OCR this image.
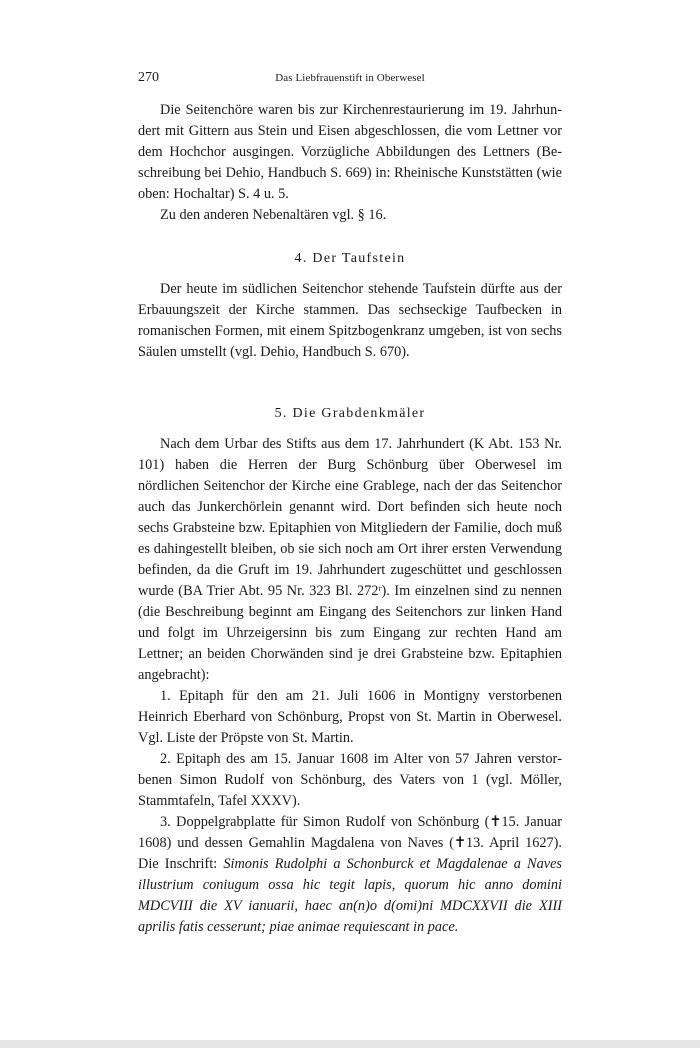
270	Das Liebfrauenstift in Oberwesel

Die Seitenchöre waren bis zur Kirchenrestaurierung im 19. Jahrhundert mit Gittern aus Stein und Eisen abgeschlossen, die vom Lettner vor dem Hochchor ausgingen. Vorzügliche Abbildungen des Lettners (Beschreibung bei Dehio, Handbuch S. 669) in: Rheinische Kunststätten (wie oben: Hochaltar) S. 4 u. 5.

Zu den anderen Nebenaltären vgl. § 16.

4. Der Taufstein

Der heute im südlichen Seitenchor stehende Taufstein dürfte aus der Erbauungszeit der Kirche stammen. Das sechseckige Taufbecken in romanischen Formen, mit einem Spitzbogenkranz umgeben, ist von sechs Säulen umstellt (vgl. Dehio, Handbuch S. 670).

5. Die Grabdenkmäler

Nach dem Urbar des Stifts aus dem 17. Jahrhundert (K Abt. 153 Nr. 101) haben die Herren der Burg Schönburg über Oberwesel im nördlichen Seitenchor der Kirche eine Grablege, nach der das Seitenchor auch das Junkerchörlein genannt wird. Dort befinden sich heute noch sechs Grabsteine bzw. Epitaphien von Mitgliedern der Familie, doch muß es dahingestellt bleiben, ob sie sich noch am Ort ihrer ersten Verwendung befinden, da die Gruft im 19. Jahrhundert zugeschüttet und geschlossen wurde (BA Trier Abt. 95 Nr. 323 Bl. 272ʳ). Im einzelnen sind zu nennen (die Beschreibung beginnt am Eingang des Seitenchors zur linken Hand und folgt im Uhrzeigersinn bis zum Eingang zur rechten Hand am Lettner; an beiden Chorwänden sind je drei Grabsteine bzw. Epitaphien angebracht):

1. Epitaph für den am 21. Juli 1606 in Montigny verstorbenen Heinrich Eberhard von Schönburg, Propst von St. Martin in Oberwesel. Vgl. Liste der Pröpste von St. Martin.

2. Epitaph des am 15. Januar 1608 im Alter von 57 Jahren verstorbenen Simon Rudolf von Schönburg, des Vaters von 1 (vgl. Möller, Stammtafeln, Tafel XXXV).

3. Doppelgrabplatte für Simon Rudolf von Schönburg (✝15. Januar 1608) und dessen Gemahlin Magdalena von Naves (✝13. April 1627). Die Inschrift: Simonis Rudolphi a Schonburck et Magdalenae a Naves illustrium coniugum ossa hic tegit lapis, quorum hic anno domini MDCVIII die XV ianuarii, haec an(n)o d(omi)ni MDCXXVII die XIII aprilis fatis cesserunt; piae animae requiescant in pace.
